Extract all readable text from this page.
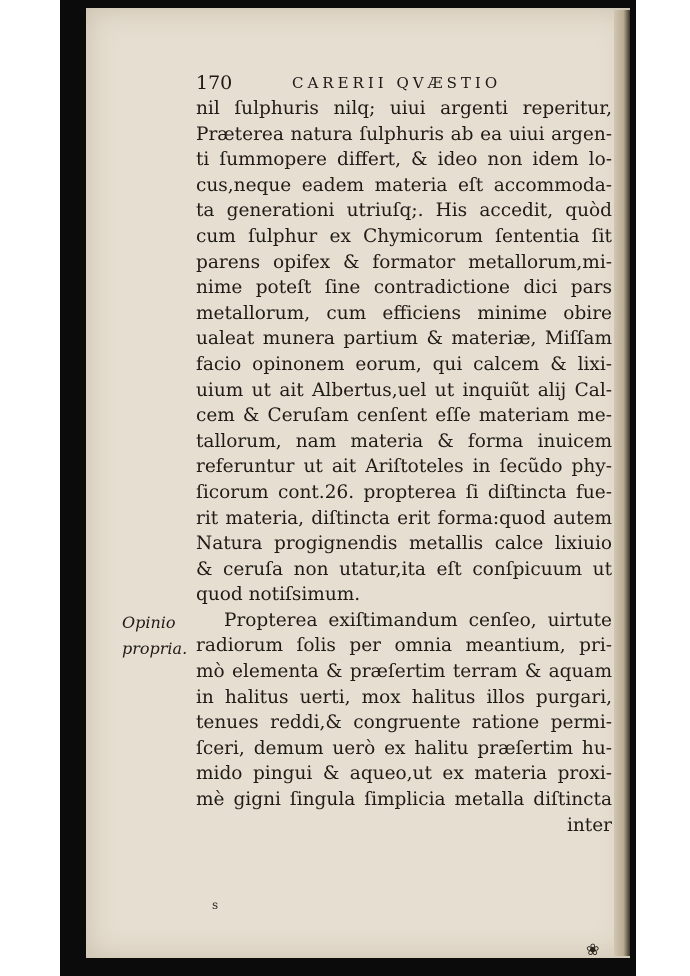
170	CARERII QVÆSTIO
Opinio
propria.
nil ſulphuris nilq; uiui argenti reperitur,
Præterea natura ſulphuris ab ea uiui argen-
ti ſummopere differt, & ideo non idem lo-
cus,neque eadem materia eſt accommoda-
ta generationi utriuſq;. His accedit, quòd
cum ſulphur ex Chymicorum ſententia ſit
parens opifex & formator metallorum,mi-
nime poteſt ſine contradictione dici pars
metallorum, cum efficiens minime obire
ualeat munera partium & materiæ, Miſſam
facio opinonem eorum, qui calcem & lixi-
uium ut ait Albertus,uel ut inquiũt alij Cal-
cem & Ceruſam cenſent eſſe materiam me-
tallorum, nam materia & forma inuicem
referuntur ut ait Ariſtoteles in ſecũdo phy-
ſicorum cont.26. propterea ſi diſtincta fue-
rit materia, diſtincta erit forma:quod autem
Natura progignendis metallis calce lixiuio
& ceruſa non utatur,ita eſt conſpicuum ut
quod notiſsimum.
Propterea exiſtimandum cenſeo, uirtute
radiorum ſolis per omnia meantium, pri-
mò elementa & præſertim terram & aquam
in halitus uerti, mox halitus illos purgari,
tenues reddi,& congruente ratione permi-
ſceri, demum uerò ex halitu præſertim hu-
mido pingui & aqueo,ut ex materia proxi-
mè gigni ſingula ſimplicia metalla diſtincta
inter
s
❀
